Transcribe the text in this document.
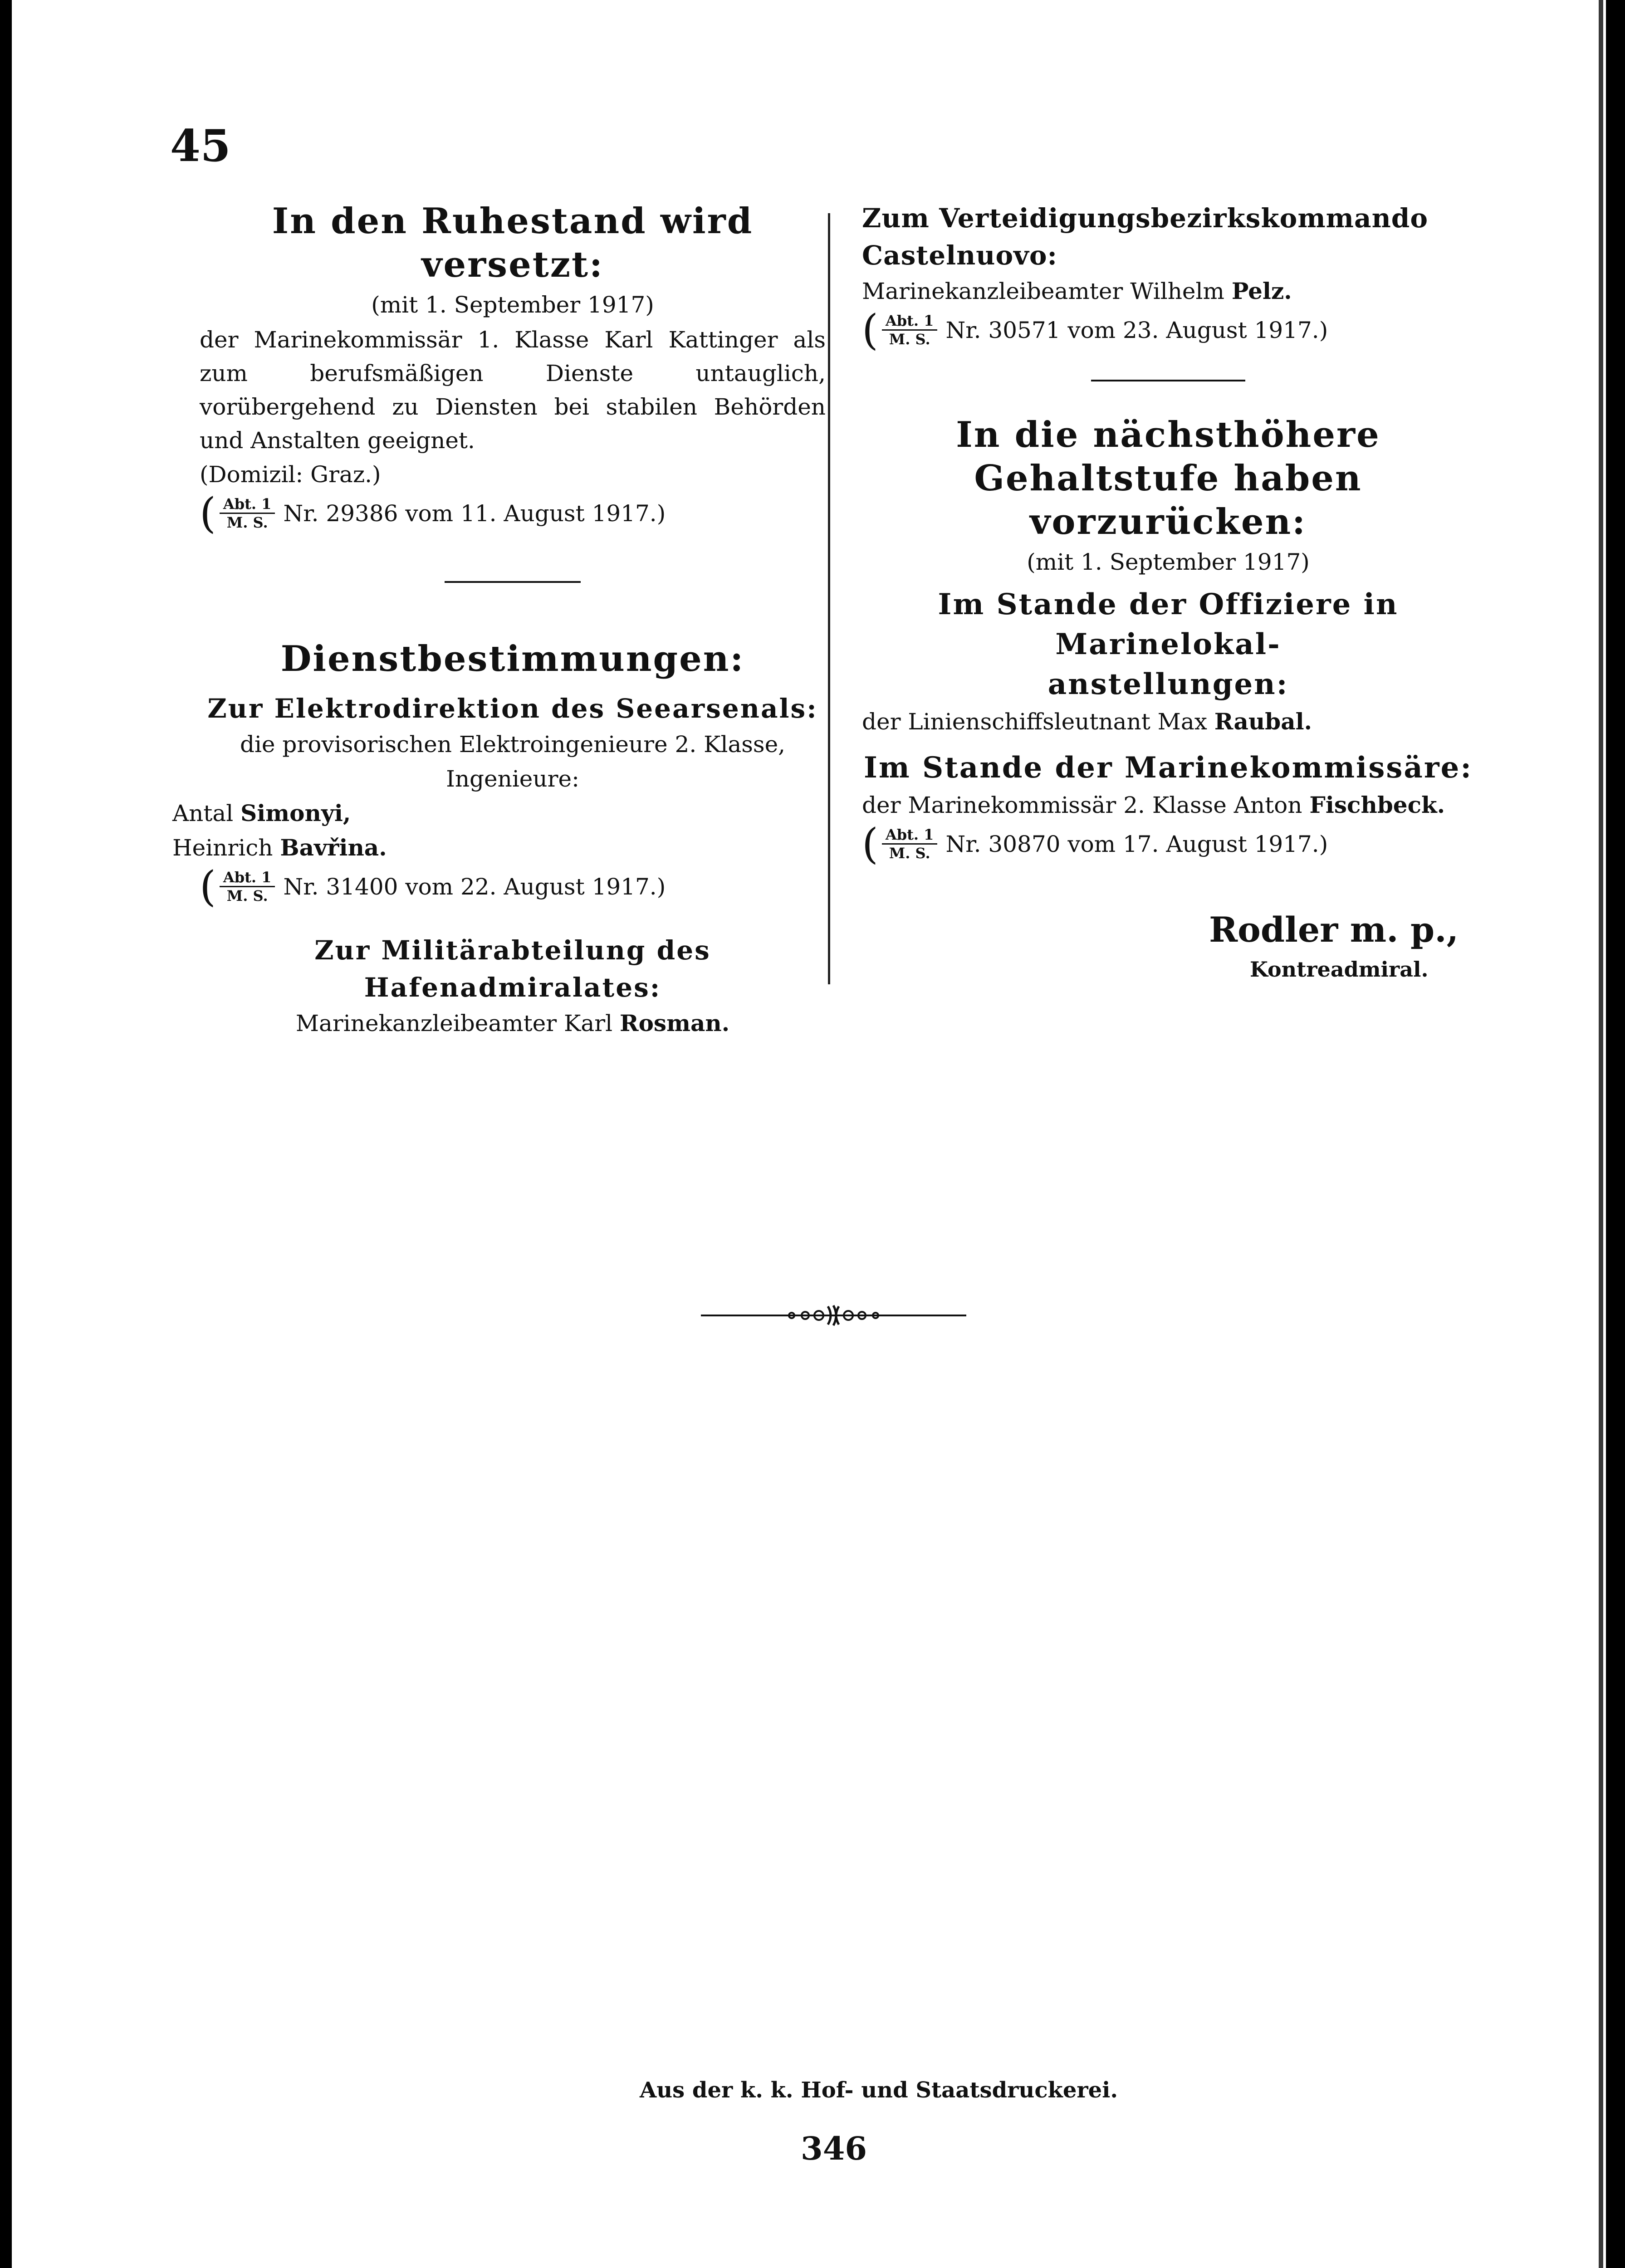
45
In den Ruhestand wird versetzt:
(mit 1. September 1917)
der Marinekommissär 1. Klasse Karl Kattinger als zum berufsmäßigen Dienste untauglich, vorübergehend zu Diensten bei stabilen Behörden und Anstalten geeignet.
(Domizil: Graz.)
( $\frac{\text{Abt. 1}}{M. S.} Nr$. 29386 vom 11. August 1917.)
Dienstbestimmungen:
Zur Elektrodirektion des Seearsenals:
die provisorischen Elektroingenieure 2. Klasse, Ingenieure:
Antal Simonyi,
Heinrich Bavřina.
( $\frac{\text{Abt. 1}}{M. S.} Nr$. 31400 vom 22. August 1917.)
Zur Militärabteilung des Hafenadmiralates:
Marinekanzleibeamter Karl Rosman.
Zum Verteidigungsbezirkskommando Castelnuovo:
Marinekanzleibeamter Wilhelm Pelz.
( $\frac{\text{Abt. 1}}{M. S.} Nr$. 30571 vom 23. August 1917.)
In die nächsthöhere Gehaltstufe haben
vorzurücken:
(mit 1. September 1917)
Im Stande der Offiziere in Marinelokal-
anstellungen:
der Linienschiffsleutnant Max Raubal.
Im Stande der Marinekommissäre:
der Marinekommissär 2. Klasse Anton Fischbeck.
( $\frac{\text{Abt. 1}}{M. S.} Nr$. 30870 vom 17. August 1917.)
Rodler m. p.,
Kontreadmiral.
Aus der k. k. Hof- und Staatsdruckerei.
346
